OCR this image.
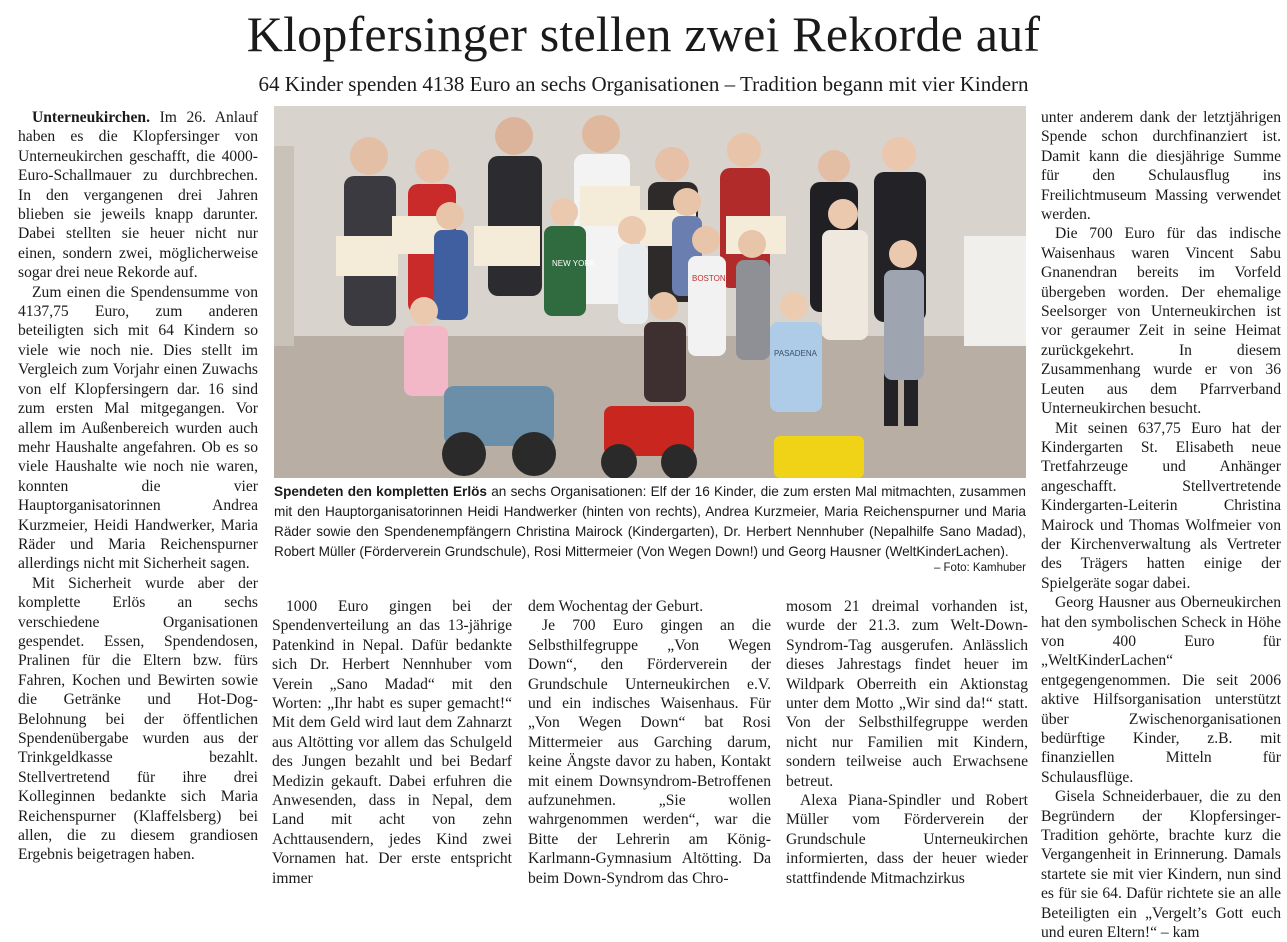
Klopfersinger stellen zwei Rekorde auf
64 Kinder spenden 4138 Euro an sechs Organisationen – Tradition begann mit vier Kindern

Unterneukirchen. Im 26. Anlauf haben es die Klopfersinger von Unterneukirchen geschafft, die 4000-Euro-Schallmauer zu durchbrechen. In den vergangenen drei Jahren blieben sie jeweils knapp darunter. Dabei stellten sie heuer nicht nur einen, sondern zwei, möglicherweise sogar drei neue Rekorde auf.

Zum einen die Spendensumme von 4137,75 Euro, zum anderen beteiligten sich mit 64 Kindern so viele wie noch nie. Dies stellt im Vergleich zum Vorjahr einen Zuwachs von elf Klopfersingern dar. 16 sind zum ersten Mal mitgegangen. Vor allem im Außenbereich wurden auch mehr Haushalte angefahren. Ob es so viele Haushalte wie noch nie waren, konnten die vier Hauptorganisatorinnen Andrea Kurzmeier, Heidi Handwerker, Maria Räder und Maria Reichenspurner allerdings nicht mit Sicherheit sagen.

Mit Sicherheit wurde aber der komplette Erlös an sechs verschiedene Organisationen gespendet. Essen, Spendendosen, Pralinen für die Eltern bzw. fürs Fahren, Kochen und Bewirten sowie die Getränke und Hot-Dog-Belohnung bei der öffentlichen Spendenübergabe wurden aus der Trinkgeldkasse bezahlt. Stellvertretend für ihre drei Kolleginnen bedankte sich Maria Reichenspurner (Klaffelsberg) bei allen, die zu diesem grandiosen Ergebnis beigetragen haben.

NEW YORK
BOSTON
PASADENA
Spendeten den kompletten Erlös an sechs Organisationen: Elf der 16 Kinder, die zum ersten Mal mitmachten, zusammen mit den Hauptorganisatorinnen Heidi Handwerker (hinten von rechts), Andrea Kurzmeier, Maria Reichenspurner und Maria Räder sowie den Spendenempfängern Christina Mairock (Kindergarten), Dr. Herbert Nennhuber (Nepalhilfe Sano Madad), Robert Müller (Förderverein Grundschule), Rosi Mittermeier (Von Wegen Down!) und Georg Hausner (WeltKinderLachen).
– Foto: Kamhuber

1000 Euro gingen bei der Spendenverteilung an das 13-jährige Patenkind in Nepal. Dafür bedankte sich Dr. Herbert Nennhuber vom Verein „Sano Madad“ mit den Worten: „Ihr habt es super gemacht!“ Mit dem Geld wird laut dem Zahnarzt aus Altötting vor allem das Schulgeld des Jungen bezahlt und bei Bedarf Medizin gekauft. Dabei erfuhren die Anwesenden, dass in Nepal, dem Land mit acht von zehn Achttausendern, jedes Kind zwei Vornamen hat. Der erste entspricht immer

dem Wochentag der Geburt.

Je 700 Euro gingen an die Selbsthilfegruppe „Von Wegen Down“, den Förderverein der Grundschule Unterneukirchen e.V. und ein indisches Waisenhaus. Für „Von Wegen Down“ bat Rosi Mittermeier aus Garching darum, keine Ängste davor zu haben, Kontakt mit einem Downsyndrom-Betroffenen aufzunehmen. „Sie wollen wahrgenommen werden“, war die Bitte der Lehrerin am König-Karlmann-Gymnasium Altötting. Da beim Down-Syndrom das Chro-

mosom 21 dreimal vorhanden ist, wurde der 21.3. zum Welt-Down-Syndrom-Tag ausgerufen. Anlässlich dieses Jahrestags findet heuer im Wildpark Oberreith ein Aktionstag unter dem Motto „Wir sind da!“ statt. Von der Selbsthilfegruppe werden nicht nur Familien mit Kindern, sondern teilweise auch Erwachsene betreut.

Alexa Piana-Spindler und Robert Müller vom Förderverein der Grundschule Unterneukirchen informierten, dass der heuer wieder stattfindende Mitmachzirkus

unter anderem dank der letztjährigen Spende schon durchfinanziert ist. Damit kann die diesjährige Summe für den Schulausflug ins Freilichtmuseum Massing verwendet werden.

Die 700 Euro für das indische Waisenhaus waren Vincent Sabu Gnanendran bereits im Vorfeld übergeben worden. Der ehemalige Seelsorger von Unterneukirchen ist vor geraumer Zeit in seine Heimat zurückgekehrt. In diesem Zusammenhang wurde er von 36 Leuten aus dem Pfarrverband Unterneukirchen besucht.

Mit seinen 637,75 Euro hat der Kindergarten St. Elisabeth neue Tretfahrzeuge und Anhänger angeschafft. Stellvertretende Kindergarten-Leiterin Christina Mairock und Thomas Wolfmeier von der Kirchenverwaltung als Vertreter des Trägers hatten einige der Spielgeräte sogar dabei.

Georg Hausner aus Oberneukirchen hat den symbolischen Scheck in Höhe von 400 Euro für „WeltKinderLachen“ entgegengenommen. Die seit 2006 aktive Hilfsorganisation unterstützt über Zwischenorganisationen bedürftige Kinder, z.B. mit finanziellen Mitteln für Schulausflüge.

Gisela Schneiderbauer, die zu den Begründern der Klopfersinger-Tradition gehörte, brachte kurz die Vergangenheit in Erinnerung. Damals startete sie mit vier Kindern, nun sind es für sie 64. Dafür richtete sie an alle Beteiligten ein „Vergelt’s Gott euch und euren Eltern!“ – kam
